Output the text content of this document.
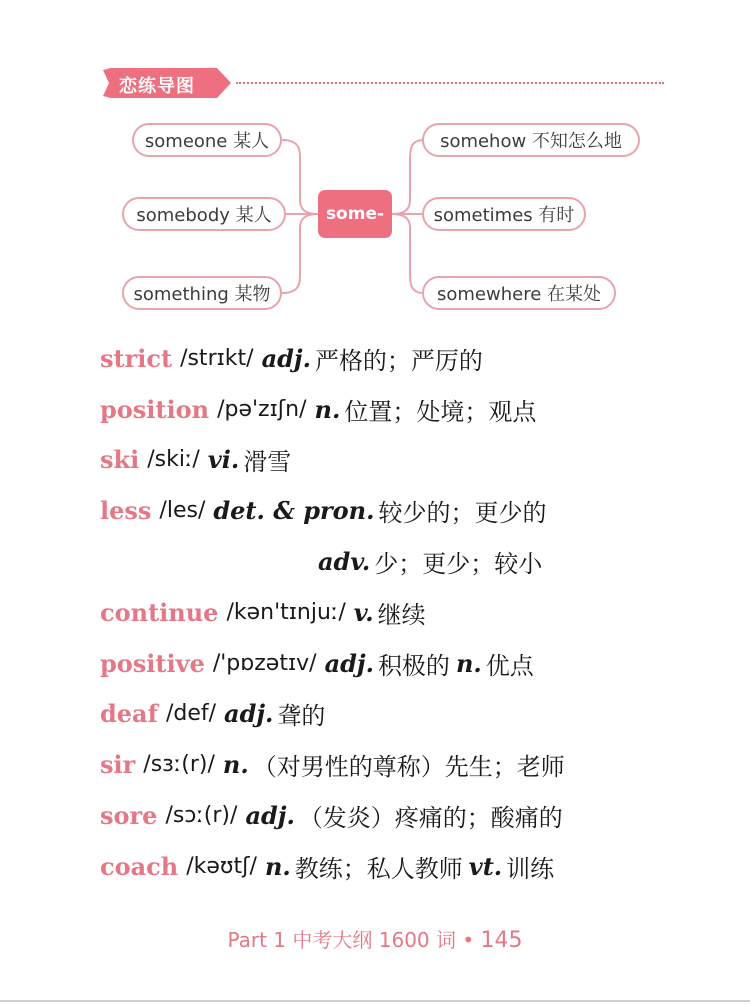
恋练导图
someone 某人
somebody 某人
something 某物
some-
somehow 不知怎么地
sometimes 有时
somewhere 在某处
strict /strɪkt/ adj. 严格的；严厉的
position /pə'zɪʃn/ n. 位置；处境；观点
ski /skiː/ vi. 滑雪
less /les/ det. & pron. 较少的；更少的
adv. 少；更少；较小
continue /kən'tɪnjuː/ v. 继续
positive /'pɒzətɪv/ adj. 积极的 n. 优点
deaf /def/ adj. 聋的
sir /sɜː(r)/ n. （对男性的尊称）先生；老师
sore /sɔː(r)/ adj. （发炎）疼痛的；酸痛的
coach /kəʊtʃ/ n. 教练；私人教师 vt. 训练
Part 1 中考大纲 1600 词 • 145
